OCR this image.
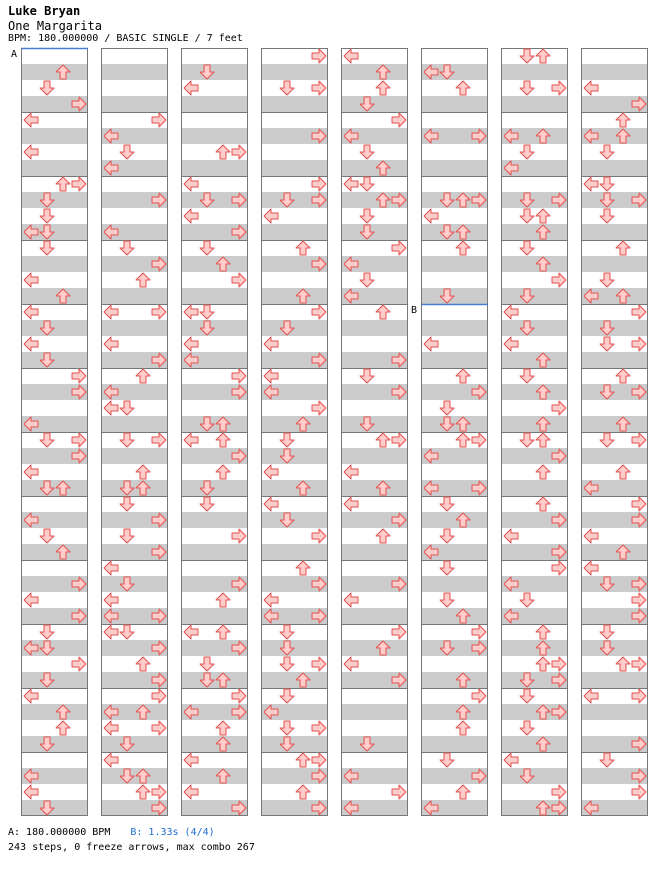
Luke Bryan
One Margarita
BPM: 180.000000 / BASIC SINGLE / 7 feet
A
B
A: 180.000000 BPM B: 1.33s (4/4)
243 steps, 0 freeze arrows, max combo 267
